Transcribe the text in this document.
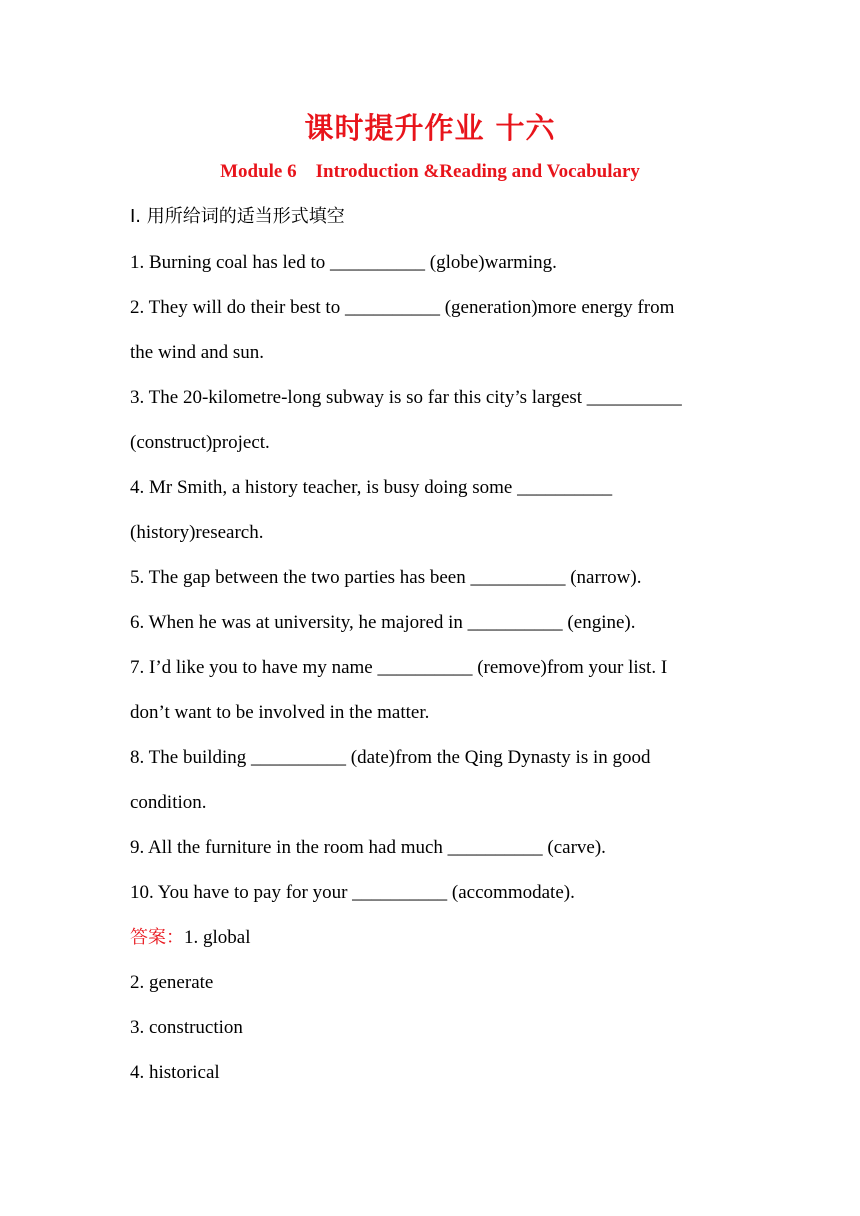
课时提升作业 十六
Module 6    Introduction &Reading and Vocabulary
Ⅰ. 用所给词的适当形式填空
1. Burning coal has led to __________ (globe)warming.
2. They will do their best to __________ (generation)more energy from
the wind and sun.
3. The 20-kilometre-long subway is so far this city’s largest __________
(construct)project.
4. Mr Smith, a history teacher, is busy doing some __________
(history)research.
5. The gap between the two parties has been __________ (narrow).
6. When he was at university, he majored in __________ (engine).
7. I’d like you to have my name __________ (remove)from your list. I
don’t want to be involved in the matter.
8. The building __________ (date)from the Qing Dynasty is in good
condition.
9. All the furniture in the room had much __________ (carve).
10. You have to pay for your __________ (accommodate).
答案：1. global
2. generate
3. construction
4. historical
